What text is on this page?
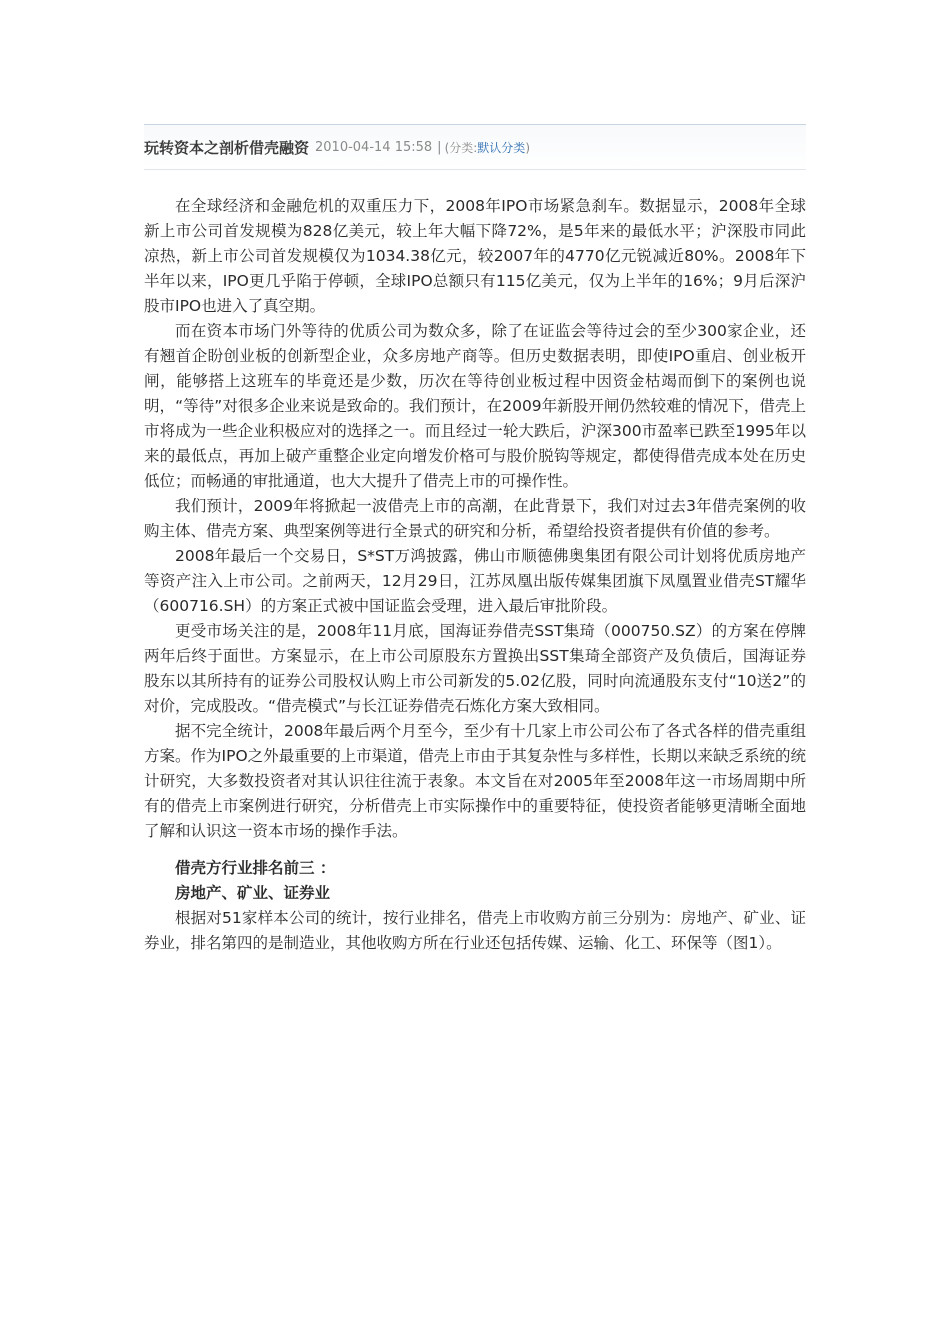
玩转资本之剖析借壳融资 2010-04-14 15:58 | (分类:默认分类)

在全球经济和金融危机的双重压力下，2008年IPO市场紧急刹车。数据显示，2008年全球新上市公司首发规模为828亿美元，较上年大幅下降72%，是5年来的最低水平；沪深股市同此凉热，新上市公司首发规模仅为1034.38亿元，较2007年的4770亿元锐减近80%。2008年下半年以来，IPO更几乎陷于停顿，全球IPO总额只有115亿美元，仅为上半年的16%；9月后深沪股市IPO也进入了真空期。

而在资本市场门外等待的优质公司为数众多，除了在证监会等待过会的至少300家企业，还有翘首企盼创业板的创新型企业，众多房地产商等。但历史数据表明，即使IPO重启、创业板开闸，能够搭上这班车的毕竟还是少数，历次在等待创业板过程中因资金枯竭而倒下的案例也说明，“等待”对很多企业来说是致命的。我们预计，在2009年新股开闸仍然较难的情况下，借壳上市将成为一些企业积极应对的选择之一。而且经过一轮大跌后，沪深300市盈率已跌至1995年以来的最低点，再加上破产重整企业定向增发价格可与股价脱钩等规定，都使得借壳成本处在历史低位；而畅通的审批通道，也大大提升了借壳上市的可操作性。

我们预计，2009年将掀起一波借壳上市的高潮，在此背景下，我们对过去3年借壳案例的收购主体、借壳方案、典型案例等进行全景式的研究和分析，希望给投资者提供有价值的参考。

2008年最后一个交易日，S*ST万鸿披露，佛山市顺德佛奥集团有限公司计划将优质房地产等资产注入上市公司。之前两天，12月29日，江苏凤凰出版传媒集团旗下凤凰置业借壳ST耀华（600716.SH）的方案正式被中国证监会受理，进入最后审批阶段。

更受市场关注的是，2008年11月底，国海证券借壳SST集琦（000750.SZ）的方案在停牌两年后终于面世。方案显示，在上市公司原股东方置换出SST集琦全部资产及负债后，国海证券股东以其所持有的证券公司股权认购上市公司新发的5.02亿股，同时向流通股东支付“10送2”的对价，完成股改。“借壳模式”与长江证券借壳石炼化方案大致相同。

据不完全统计，2008年最后两个月至今，至少有十几家上市公司公布了各式各样的借壳重组方案。作为IPO之外最重要的上市渠道，借壳上市由于其复杂性与多样性，长期以来缺乏系统的统计研究，大多数投资者对其认识往往流于表象。本文旨在对2005年至2008年这一市场周期中所有的借壳上市案例进行研究，分析借壳上市实际操作中的重要特征，使投资者能够更清晰全面地了解和认识这一资本市场的操作手法。

借壳方行业排名前三 ：

房地产、矿业、证券业

根据对51家样本公司的统计，按行业排名，借壳上市收购方前三分别为：房地产、矿业、证券业，排名第四的是制造业，其他收购方所在行业还包括传媒、运输、化工、环保等（图1）。
